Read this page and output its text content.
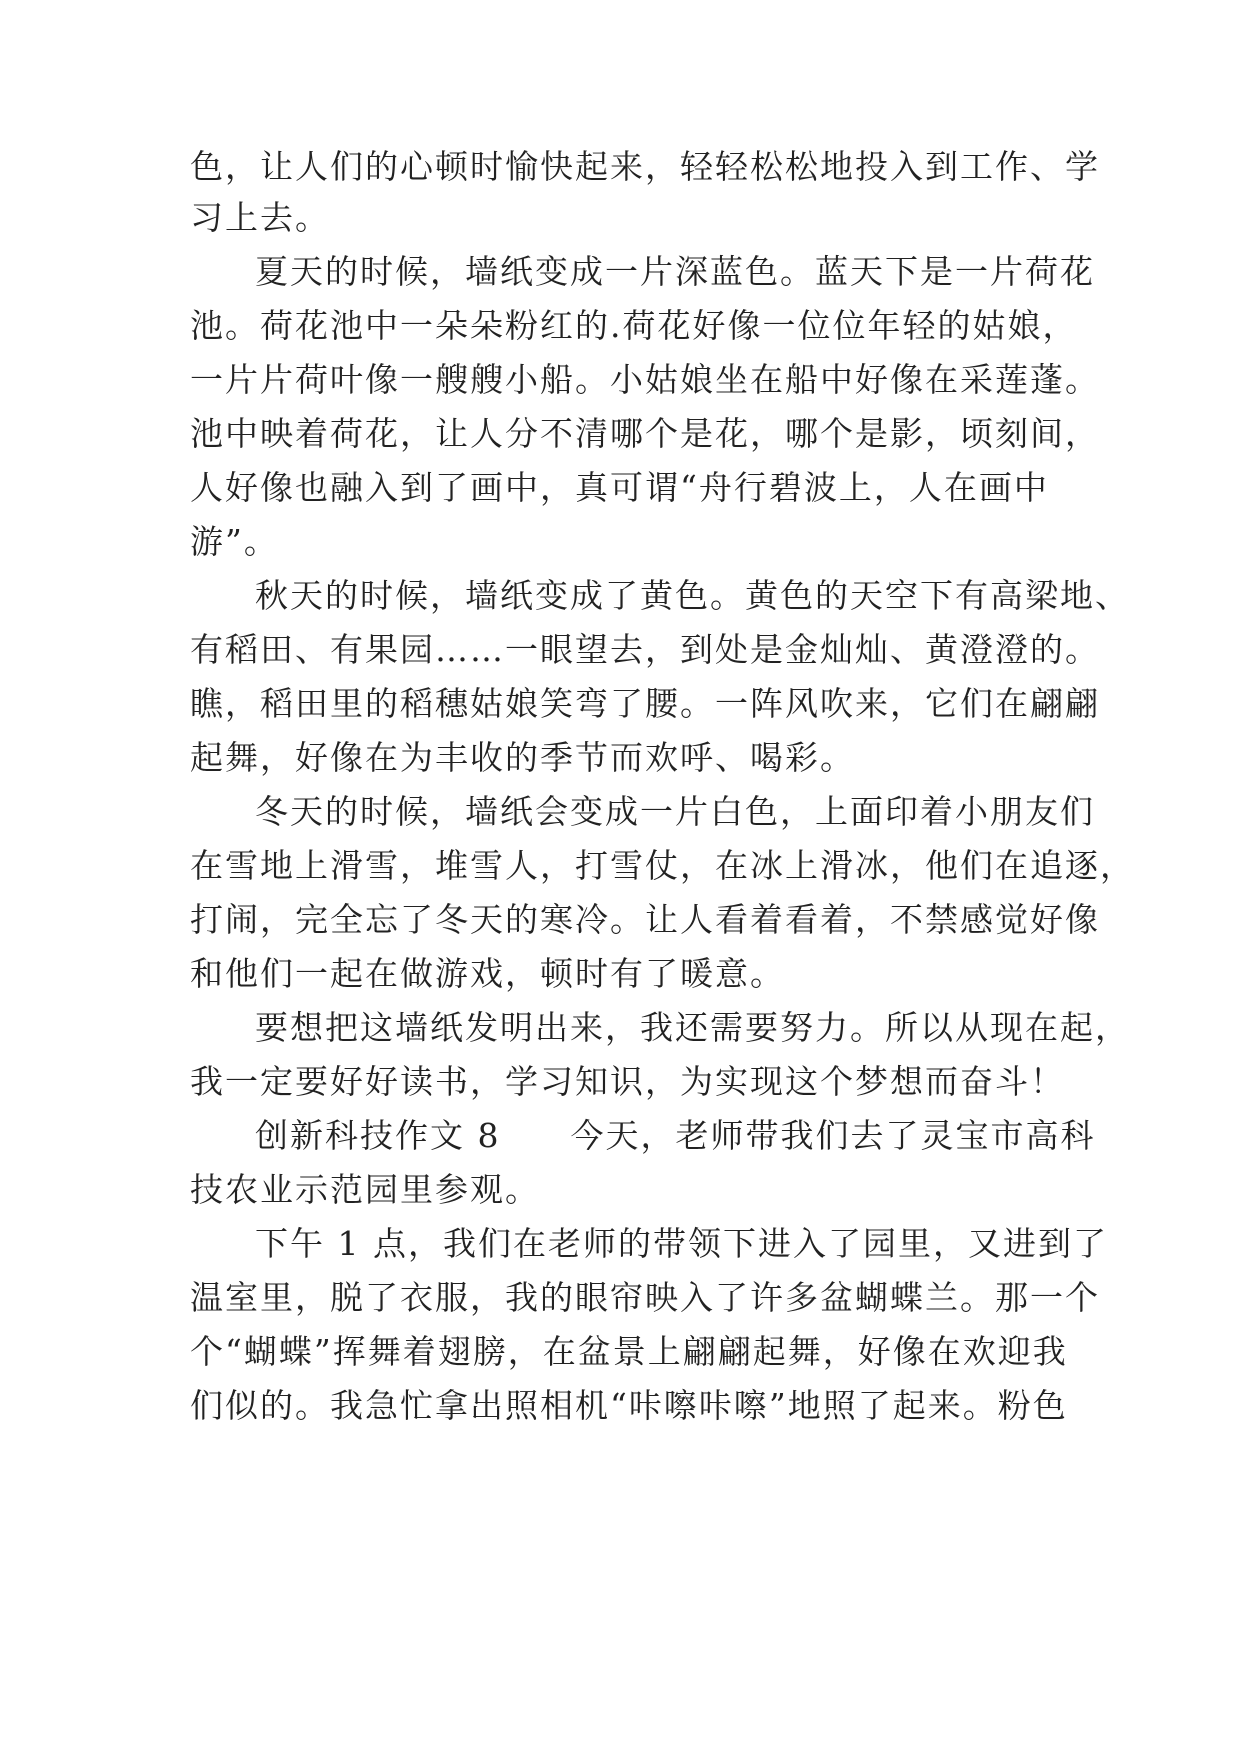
色，让人们的心顿时愉快起来，轻轻松松地投入到工作、学

习上去。

夏天的时候，墙纸变成一片深蓝色。蓝天下是一片荷花

池。荷花池中一朵朵粉红的.荷花好像一位位年轻的姑娘，

一片片荷叶像一艘艘小船。小姑娘坐在船中好像在采莲蓬。

池中映着荷花，让人分不清哪个是花，哪个是影，顷刻间，

人好像也融入到了画中，真可谓“舟行碧波上，人在画中

游”。

秋天的时候，墙纸变成了黄色。黄色的天空下有高梁地、

有稻田、有果园……一眼望去，到处是金灿灿、黄澄澄的。

瞧，稻田里的稻穗姑娘笑弯了腰。一阵风吹来，它们在翩翩

起舞，好像在为丰收的季节而欢呼、喝彩。

冬天的时候，墙纸会变成一片白色，上面印着小朋友们

在雪地上滑雪，堆雪人，打雪仗，在冰上滑冰，他们在追逐，

打闹，完全忘了冬天的寒冷。让人看着看着，不禁感觉好像

和他们一起在做游戏，顿时有了暖意。

要想把这墙纸发明出来，我还需要努力。所以从现在起，

我一定要好好读书，学习知识，为实现这个梦想而奋斗！

创新科技作文 8　　今天，老师带我们去了灵宝市高科

技农业示范园里参观。

下午 1 点，我们在老师的带领下进入了园里，又进到了

温室里，脱了衣服，我的眼帘映入了许多盆蝴蝶兰。那一个

个“蝴蝶”挥舞着翅膀，在盆景上翩翩起舞，好像在欢迎我

们似的。我急忙拿出照相机“咔嚓咔嚓”地照了起来。粉色
